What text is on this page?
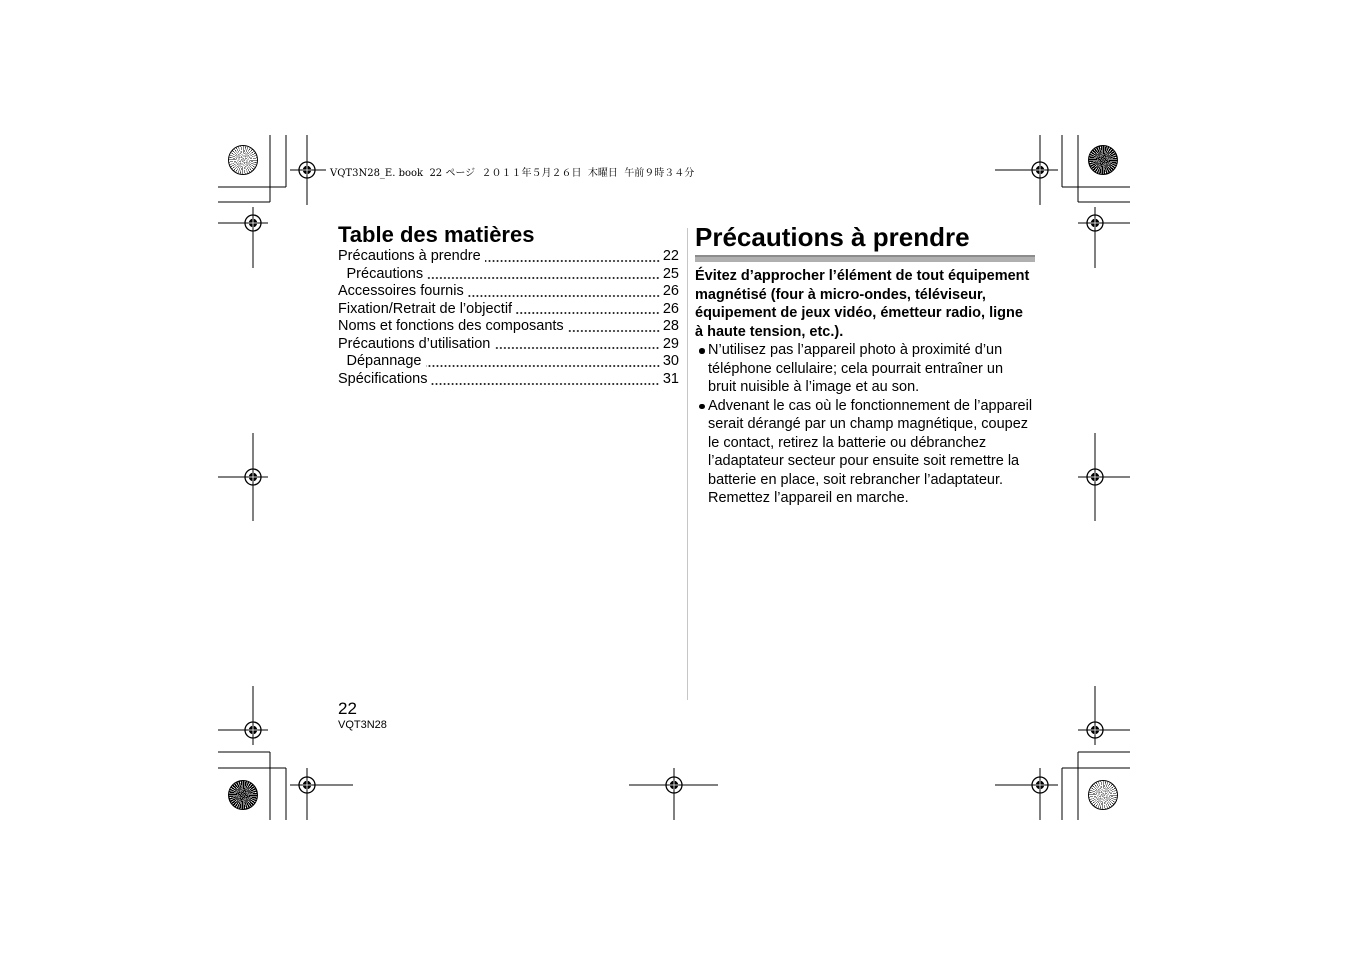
VQT3N28_E. book  22 ページ  ２０１１年５月２６日  木曜日  午前９時３４分
Table des matières
Précautions à prendre	22
Précautions	25
Accessoires fournis	26
Fixation/Retrait de l’objectif	26
Noms et fonctions des composants	28
Précautions d’utilisation	29
Dépannage	30
Spécifications	31
Précautions à prendre

Évitez d’approcher l’élément de tout équipement
magnétisé (four à micro-ondes, téléviseur,
équipement de jeux vidéo, émetteur radio, ligne
à haute tension, etc.).

N’utilisez pas l’appareil photo à proximité d’un
téléphone cellulaire; cela pourrait entraîner un
bruit nuisible à l’image et au son.
Advenant le cas où le fonctionnement de l’appareil
serait dérangé par un champ magnétique, coupez
le contact, retirez la batterie ou débranchez
l’adaptateur secteur pour ensuite soit remettre la
batterie en place, soit rebrancher l’adaptateur.
Remettez l’appareil en marche.
22
VQT3N28
